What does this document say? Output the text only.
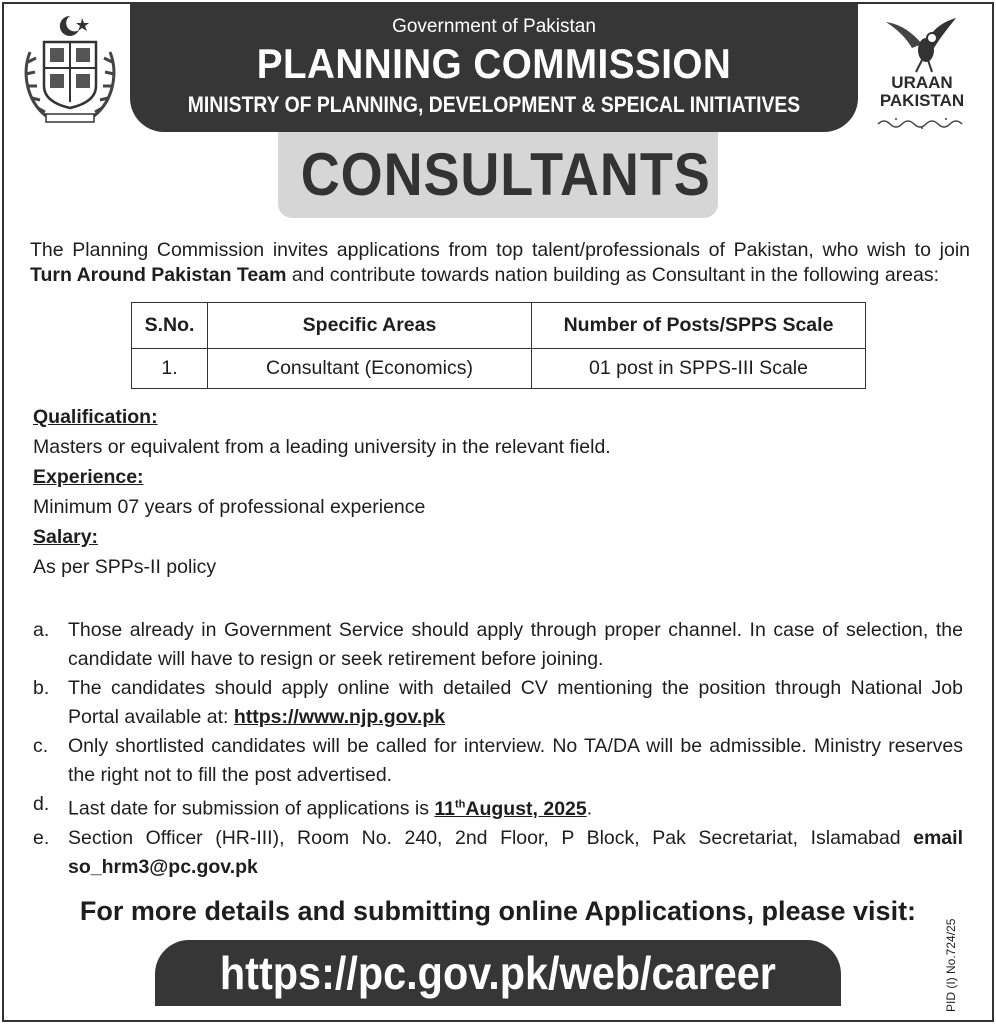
Government of Pakistan
PLANNING COMMISSION
MINISTRY OF PLANNING, DEVELOPMENT & SPEICAL INITIATIVES
URAAN
PAKISTAN
CONSULTANTS

The Planning Commission invites applications from top talent/professionals of Pakistan, who wish to join Turn Around Pakistan Team and contribute towards nation building as Consultant in the following areas:

S.No.	Specific Areas	Number of Posts/SPPS Scale
1.	Consultant (Economics)	01 post in SPPS-III Scale
Qualification:
Masters or equivalent from a leading university in the relevant field.
Experience:
Minimum 07 years of professional experience
Salary:
As per SPPs-II policy
a. Those already in Government Service should apply through proper channel. In case of selection, the candidate will have to resign or seek retirement before joining.
b. The candidates should apply online with detailed CV mentioning the position through National Job Portal available at: https://www.njp.gov.pk
c.	Only shortlisted candidates will be called for interview. No TA/DA will be admissible. Ministry reserves the right not to fill the post advertised.
d. Last date for submission of applications is 11thAugust, 2025.
e. Section Officer (HR-III), Room No. 240, 2nd Floor, P Block, Pak Secretariat, Islamabad email so_hrm3@pc.gov.pk
For more details and submitting online Applications, please visit:
https://pc.gov.pk/web/career	PID (I) No.724/25
